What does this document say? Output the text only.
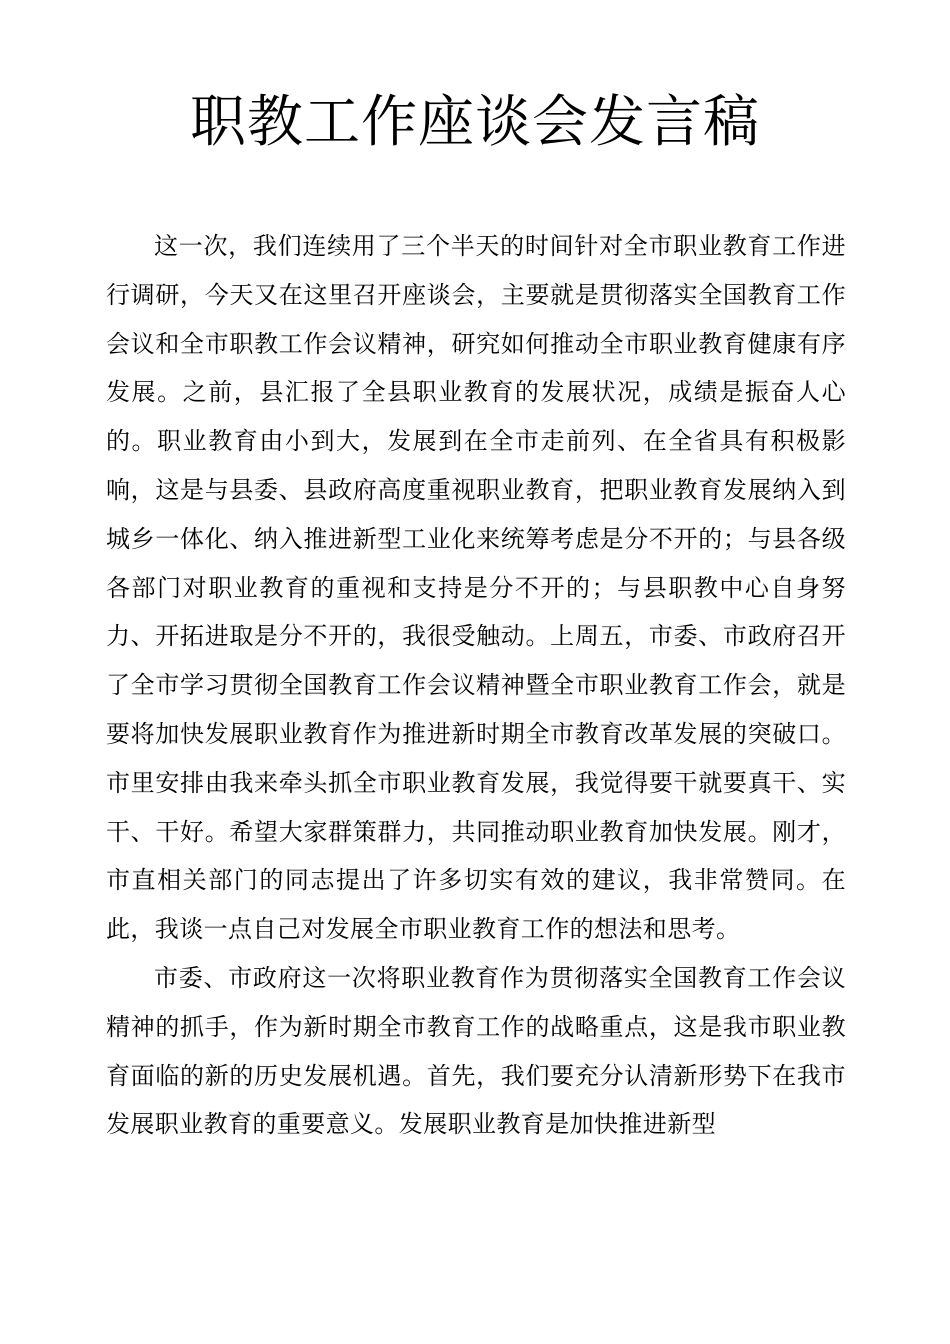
职教工作座谈会发言稿

这一次，我们连续用了三个半天的时间针对全市职业教育工作进行调研，今天又在这里召开座谈会，主要就是贯彻落实全国教育工作会议和全市职教工作会议精神，研究如何推动全市职业教育健康有序发展。之前，县汇报了全县职业教育的发展状况，成绩是振奋人心的。职业教育由小到大，发展到在全市走前列、在全省具有积极影响，这是与县委、县政府高度重视职业教育，把职业教育发展纳入到城乡一体化、纳入推进新型工业化来统筹考虑是分不开的；与县各级各部门对职业教育的重视和支持是分不开的；与县职教中心自身努力、开拓进取是分不开的，我很受触动。上周五，市委、市政府召开了全市学习贯彻全国教育工作会议精神暨全市职业教育工作会，就是要将加快发展职业教育作为推进新时期全市教育改革发展的突破口。市里安排由我来牵头抓全市职业教育发展，我觉得要干就要真干、实干、干好。希望大家群策群力，共同推动职业教育加快发展。刚才，市直相关部门的同志提出了许多切实有效的建议，我非常赞同。在此，我谈一点自己对发展全市职业教育工作的想法和思考。

市委、市政府这一次将职业教育作为贯彻落实全国教育工作会议精神的抓手，作为新时期全市教育工作的战略重点，这是我市职业教育面临的新的历史发展机遇。首先，我们要充分认清新形势下在我市发展职业教育的重要意义。发展职业教育是加快推进新型
